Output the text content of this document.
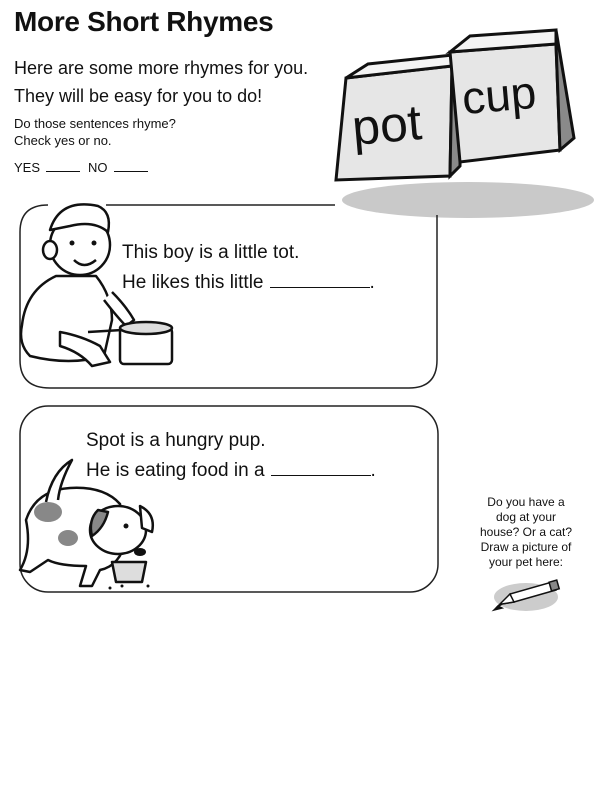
pot cup
More Short Rhymes
Here are some more rhymes for you.
They will be easy for you to do!
Do those sentences rhyme?
Check yes or no.
YES	NO
This boy is a little tot.
He likes this little	.
Spot is a hungry pup.
He is eating food in a	.
Do you have a
dog at your
house? Or a cat?
Draw a picture of
your pet here:
